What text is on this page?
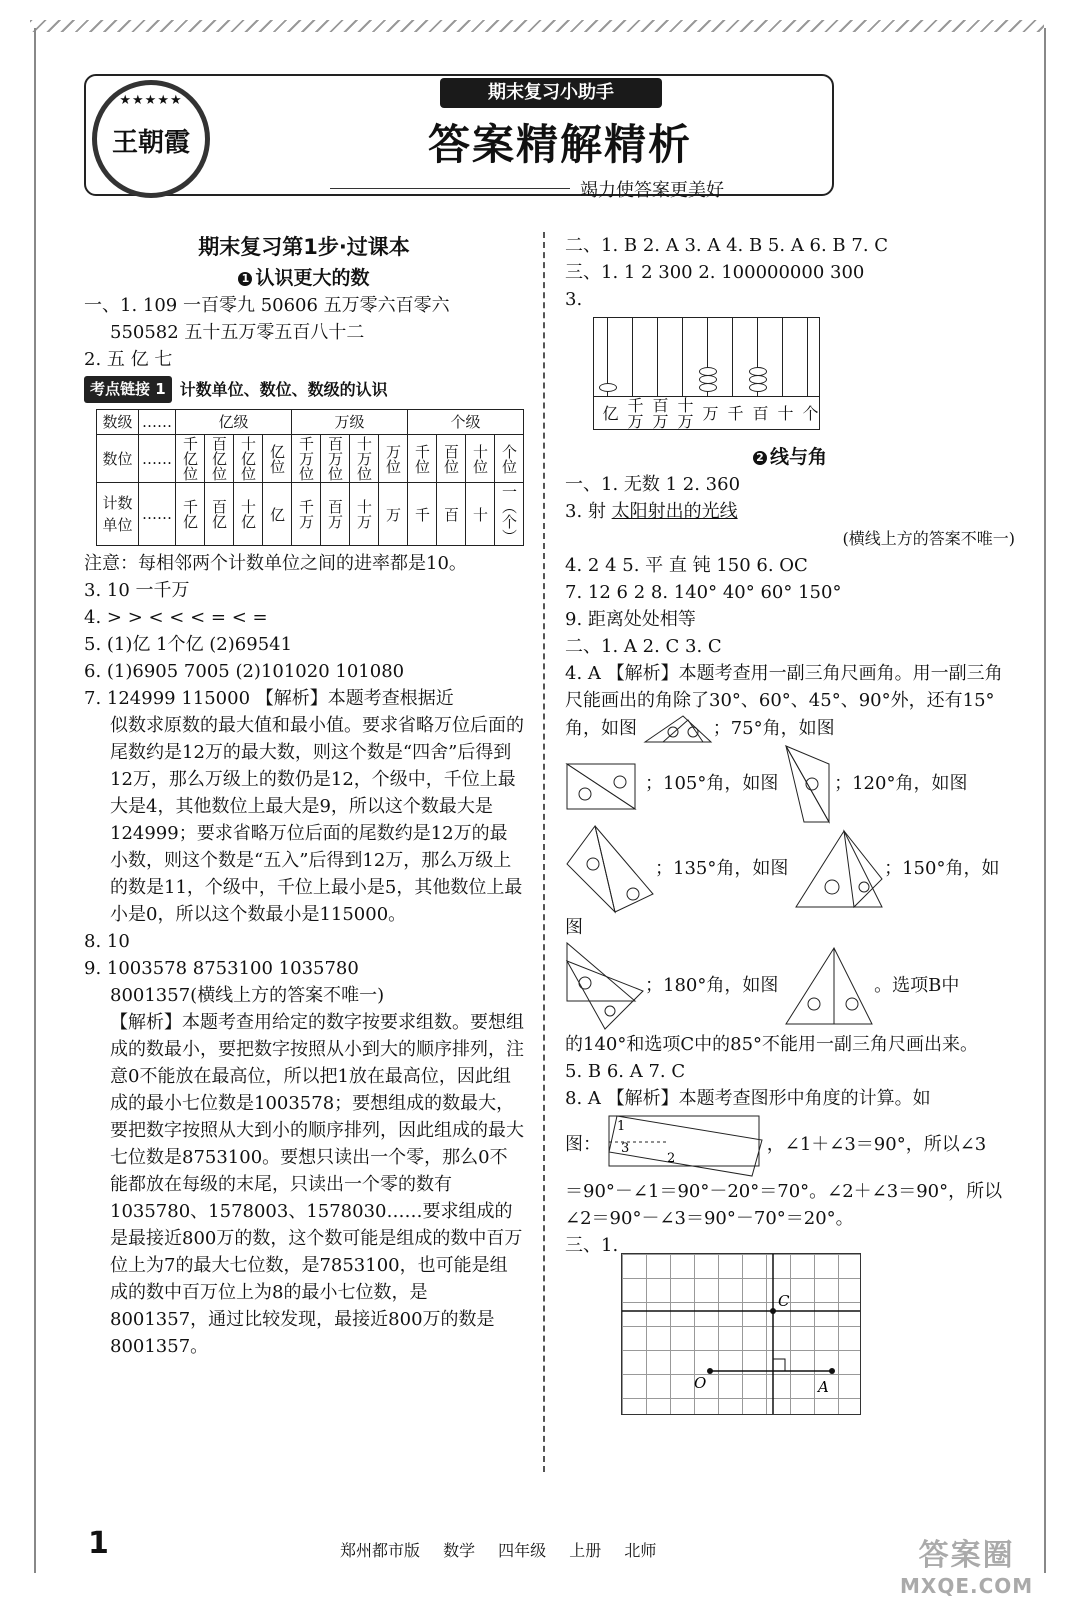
★★★★★
王朝霞
期末复习小助手
答案精解精析
竭力使答案更美好
期末复习第1步·过课本
1 认识更大的数

一、1. 109 一百零九 50606 五万零六百零六

550582 五十五万零五百八十二

2. 五 亿 七

考点链接 1 计数单位、数位、数级的认识
数级	……	亿级				万级				个级			
数位	……	千亿位	百亿位	十亿位	亿位	千万位	百万位	十万位	万位	千位	百位	十位	个位
计数单位	……	千亿	百亿	十亿	亿	千万	百万	十万	万	千	百	十	一（个）

注意：每相邻两个计数单位之间的进率都是10。

3. 10 一千万

4. > > < < < = < =

5. (1)亿 1个亿 (2)69541

6. (1)6905 7005 (2)101020 101080

7. 124999 115000 【解析】本题考查根据近

似数求原数的最大值和最小值。要求省略万位后面的尾数约是12万的最大数，则这个数是“四舍”后得到12万，那么万级上的数仍是12，个级中，千位上最大是4，其他数位上最大是9，所以这个数最大是124999；要求省略万位后面的尾数约是12万的最小数，则这个数是“五入”后得到12万，那么万级上的数是11，个级中，千位上最小是5，其他数位上最小是0，所以这个数最小是115000。

8. 10

9. 1003578 8753100 1035780

8001357(横线上方的答案不唯一)

【解析】本题考查用给定的数字按要求组数。要想组成的数最小，要把数字按照从小到大的顺序排列，注意0不能放在最高位，所以把1放在最高位，因此组成的最小七位数是1003578；要想组成的数最大，要把数字按照从大到小的顺序排列，因此组成的最大七位数是8753100。要想只读出一个零，那么0不能都放在每级的末尾，只读出一个零的数有1035780、1578003、1578030……要求组成的是最接近800万的数，这个数可能是组成的数中百万位上为7的最大七位数，是7853100，也可能是组成的数中百万位上为8的最小七位数，是8001357，通过比较发现，最接近800万的数是8001357。

二、1. B 2. A 3. A 4. B 5. A 6. B 7. C

三、1. 1 2 300 2. 100000000 300

3.

亿 千万 百万 十万 万 千 百 十 个
2 线与角

一、1. 无数 1 2. 360

3. 射 太阳射出的光线

(横线上方的答案不唯一)

4. 2 4 5. 平 直 钝 150 6. OC

7. 12 6 2 8. 140° 40° 60° 150°

9. 距离处处相等

二、1. A 2. C 3. C

4. A 【解析】本题考查用一副三角尺画角。用一副三角尺能画出的角除了30°、60°、45°、90°外，还有15°角，如图	；75°角，如图

；105°角，如图	；120°角，如图

；135°角，如图	；150°角，如图

；180°角，如图	。选项B中

的140°和选项C中的85°不能用一副三角尺画出来。

5. B 6. A 7. C

8. A 【解析】本题考查图形中角度的计算。如

图：
1
3
2
，∠1＋∠3＝90°，所以∠3

＝90°－∠1＝90°－20°＝70°。∠2＋∠3＝90°，所以∠2＝90°－∠3＝90°－70°＝20°。

三、1.

C
O	A
1	郑州都市版 数学 四年级 上册 北师	答案圈
MXQE.COM
